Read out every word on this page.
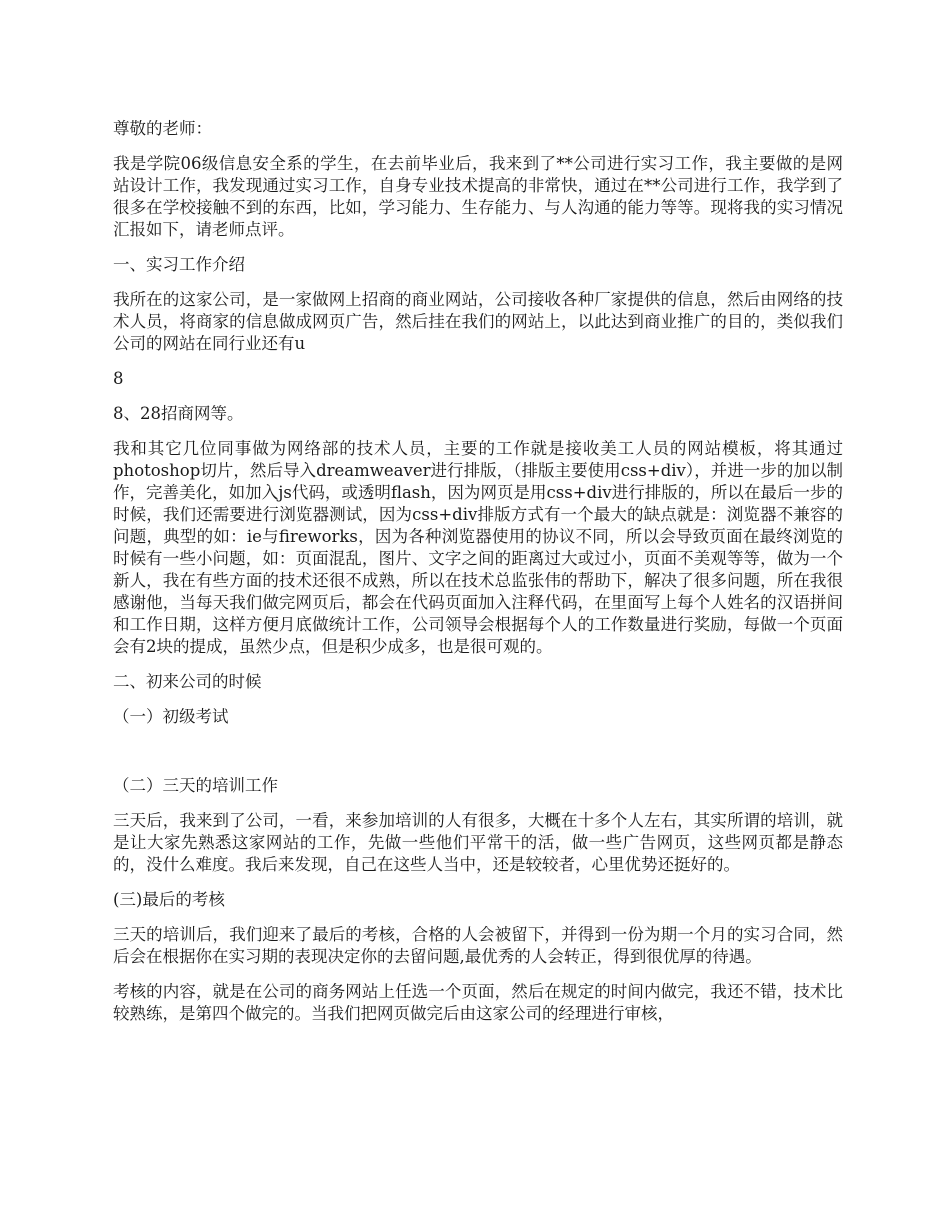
尊敬的老师：

我是学院06级信息安全系的学生，在去前毕业后，我来到了**公司进行实习工作，我主要做的是网站设计工作，我发现通过实习工作，自身专业技术提高的非常快，通过在**公司进行工作，我学到了很多在学校接触不到的东西，比如，学习能力、生存能力、与人沟通的能力等等。现将我的实习情况汇报如下，请老师点评。

一、实习工作介绍

我所在的这家公司，是一家做网上招商的商业网站，公司接收各种厂家提供的信息，然后由网络的技术人员，将商家的信息做成网页广告，然后挂在我们的网站上，以此达到商业推广的目的，类似我们公司的网站在同行业还有u

8

8、28招商网等。

我和其它几位同事做为网络部的技术人员，主要的工作就是接收美工人员的网站模板，将其通过photoshop切片，然后导入dreamweaver进行排版，（排版主要使用css+div），并进一步的加以制作，完善美化，如加入js代码，或透明flash，因为网页是用css+div进行排版的，所以在最后一步的时候，我们还需要进行浏览器测试，因为css+div排版方式有一个最大的缺点就是：浏览器不兼容的问题，典型的如：ie与fireworks，因为各种浏览器使用的协议不同，所以会导致页面在最终浏览的时候有一些小问题，如：页面混乱，图片、文字之间的距离过大或过小，页面不美观等等，做为一个新人，我在有些方面的技术还很不成熟，所以在技术总监张伟的帮助下，解决了很多问题，所在我很感谢他，当每天我们做完网页后，都会在代码页面加入注释代码，在里面写上每个人姓名的汉语拼间和工作日期，这样方便月底做统计工作，公司领导会根据每个人的工作数量进行奖励，每做一个页面会有2块的提成，虽然少点，但是积少成多，也是很可观的。

二、初来公司的时候

（一）初级考试

（二）三天的培训工作

三天后，我来到了公司，一看，来参加培训的人有很多，大概在十多个人左右，其实所谓的培训，就是让大家先熟悉这家网站的工作，先做一些他们平常干的活，做一些广告网页，这些网页都是静态的，没什么难度。我后来发现，自己在这些人当中，还是较较者，心里优势还挺好的。

(三)最后的考核

三天的培训后，我们迎来了最后的考核，合格的人会被留下，并得到一份为期一个月的实习合同，然后会在根据你在实习期的表现决定你的去留问题,最优秀的人会转正，得到很优厚的待遇。

考核的内容，就是在公司的商务网站上任选一个页面，然后在规定的时间内做完，我还不错，技术比较熟练，是第四个做完的。当我们把网页做完后由这家公司的经理进行审核，
